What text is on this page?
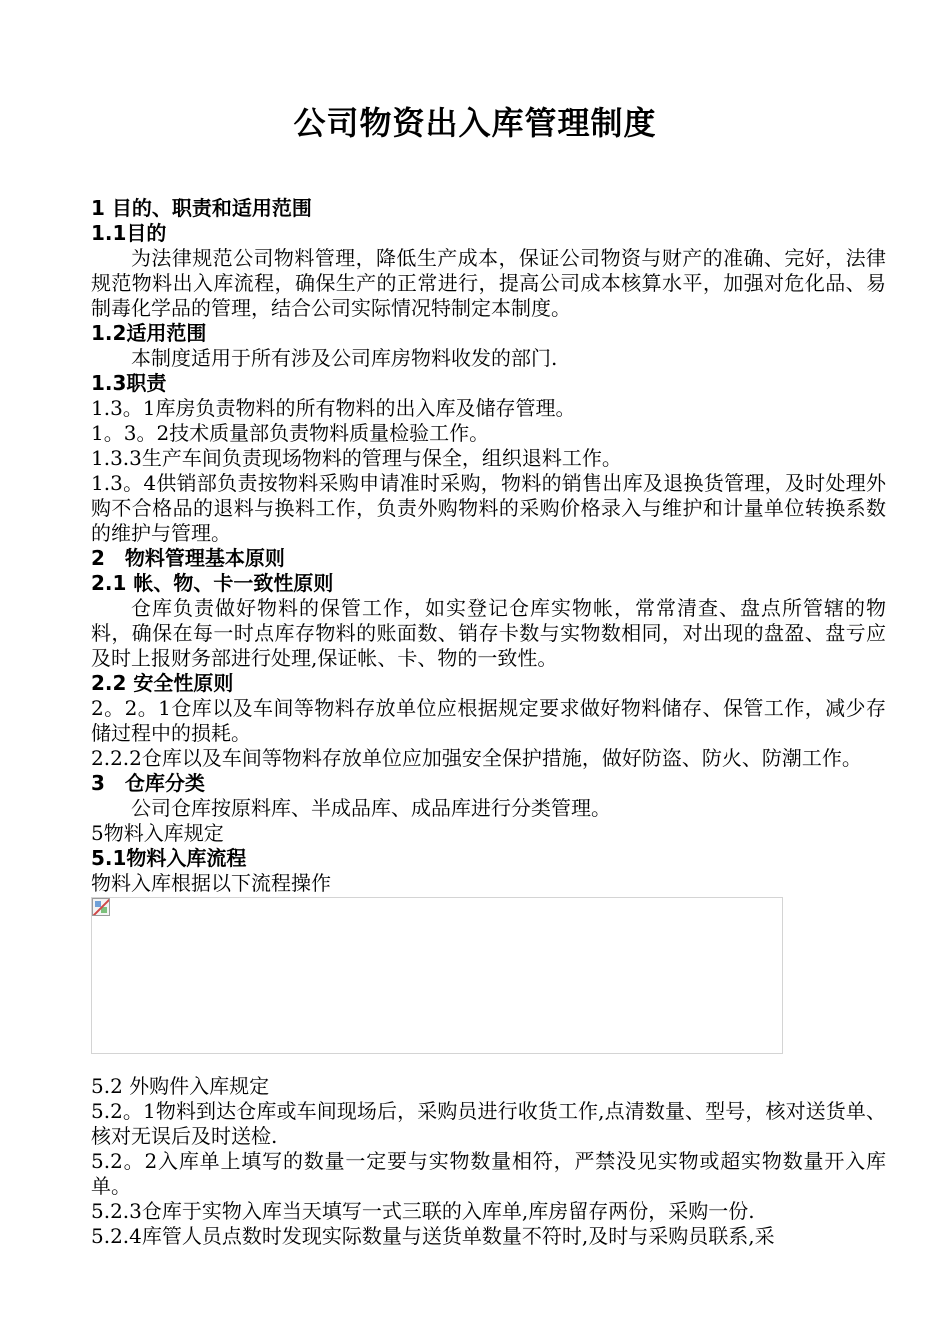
公司物资出入库管理制度

1 目的、职责和适用范围

1.1目的

为法律规范公司物料管理，降低生产成本，保证公司物资与财产的准确、完好，法律规范物料出入库流程，确保生产的正常进行，提高公司成本核算水平，加强对危化品、易制毒化学品的管理，结合公司实际情况特制定本制度。

1.2适用范围

本制度适用于所有涉及公司库房物料收发的部门.

1.3职责

1.3。1库房负责物料的所有物料的出入库及储存管理。

1。3。2技术质量部负责物料质量检验工作。

1.3.3生产车间负责现场物料的管理与保全，组织退料工作。

1.3。4供销部负责按物料采购申请准时采购，物料的销售出库及退换货管理，及时处理外购不合格品的退料与换料工作，负责外购物料的采购价格录入与维护和计量单位转换系数的维护与管理。

2　物料管理基本原则

2.1 帐、物、卡一致性原则

仓库负责做好物料的保管工作，如实登记仓库实物帐，常常清查、盘点所管辖的物料，确保在每一时点库存物料的账面数、销存卡数与实物数相同，对出现的盘盈、盘亏应及时上报财务部进行处理,保证帐、卡、物的一致性。

2.2 安全性原则

2。2。1仓库以及车间等物料存放单位应根据规定要求做好物料储存、保管工作，减少存储过程中的损耗。

2.2.2仓库以及车间等物料存放单位应加强安全保护措施，做好防盗、防火、防潮工作。

3　仓库分类

公司仓库按原料库、半成品库、成品库进行分类管理。

5物料入库规定

5.1物料入库流程

物料入库根据以下流程操作

5.2 外购件入库规定

5.2。1物料到达仓库或车间现场后，采购员进行收货工作,点清数量、型号，核对送货单、核对无误后及时送检.

5.2。2入库单上填写的数量一定要与实物数量相符，严禁没见实物或超实物数量开入库单。

5.2.3仓库于实物入库当天填写一式三联的入库单,库房留存两份，采购一份.

5.2.4库管人员点数时发现实际数量与送货单数量不符时,及时与采购员联系,采
